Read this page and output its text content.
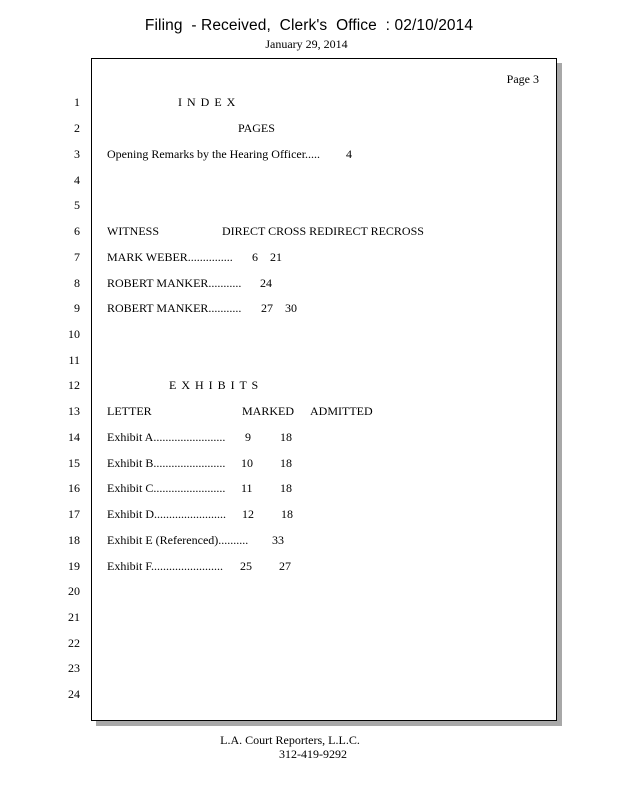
Filing  - Received,  Clerk's  Office  : 02/10/2014
January 29, 2014
Page 3
1
2
3
4
5
6
7
8
9
10
11
12
13
14
15
16
17
18
19
20
21
22
23
24
I N D E X
PAGES
Opening Remarks by the Hearing Officer..... 4
WITNESS	DIRECT CROSS REDIRECT RECROSS
MARK WEBER............... 6 21
ROBERT MANKER........... 24
ROBERT MANKER........... 27 30
E X H I B I T S
LETTER	MARKED ADMITTED
Exhibit A........................ 9 18
Exhibit B........................ 10 18
Exhibit C........................ 11 18
Exhibit D........................ 12 18
Exhibit E (Referenced).......... 33
Exhibit F........................ 25 27
L.A. Court Reporters, L.L.C.
312-419-9292
